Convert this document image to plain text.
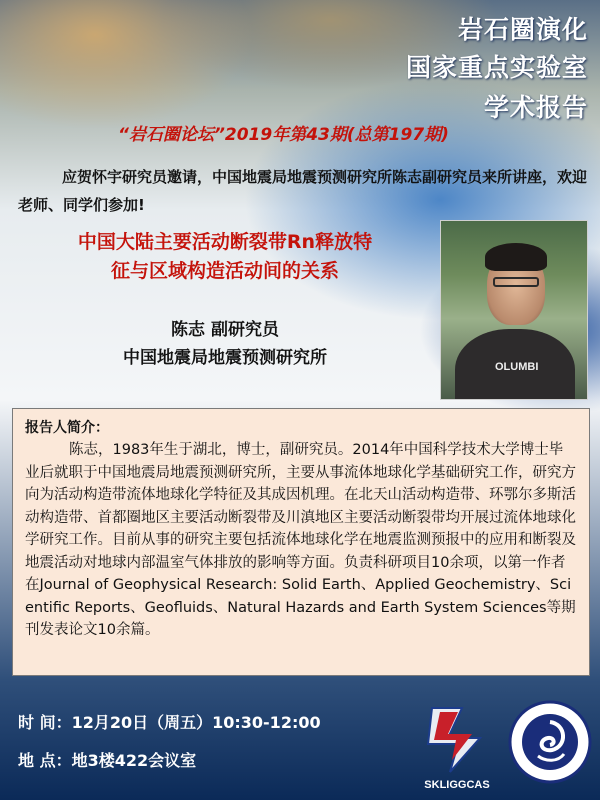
岩石圈演化
国家重点实验室
学术报告
“岩石圈论坛”2019年第43期(总第197期)
应贺怀宇研究员邀请，中国地震局地震预测研究所陈志副研究员来所讲座，欢迎老师、同学们参加!
中国大陆主要活动断裂带Rn释放特
征与区域构造活动间的关系
陈志 副研究员
中国地震局地震预测研究所	OLUMBI
报告人简介：
陈志，1983年生于湖北，博士，副研究员。2014年中国科学技术大学博士毕业后就职于中国地震局地震预测研究所，主要从事流体地球化学基础研究工作，研究方向为活动构造带流体地球化学特征及其成因机理。在北天山活动构造带、环鄂尔多斯活动构造带、首都圈地区主要活动断裂带及川滇地区主要活动断裂带均开展过流体地球化学研究工作。目前从事的研究主要包括流体地球化学在地震监测预报中的应用和断裂及地震活动对地球内部温室气体排放的影响等方面。负责科研项目10余项，以第一作者在Journal of Geophysical Research: Solid Earth、Applied Geochemistry、Scientific Reports、Geofluids、Natural Hazards and Earth System Sciences等期刊发表论文10余篇。
时 间：12月20日（周五）10:30-12:00
地 点：地3楼422会议室
SKLIGGCAS
